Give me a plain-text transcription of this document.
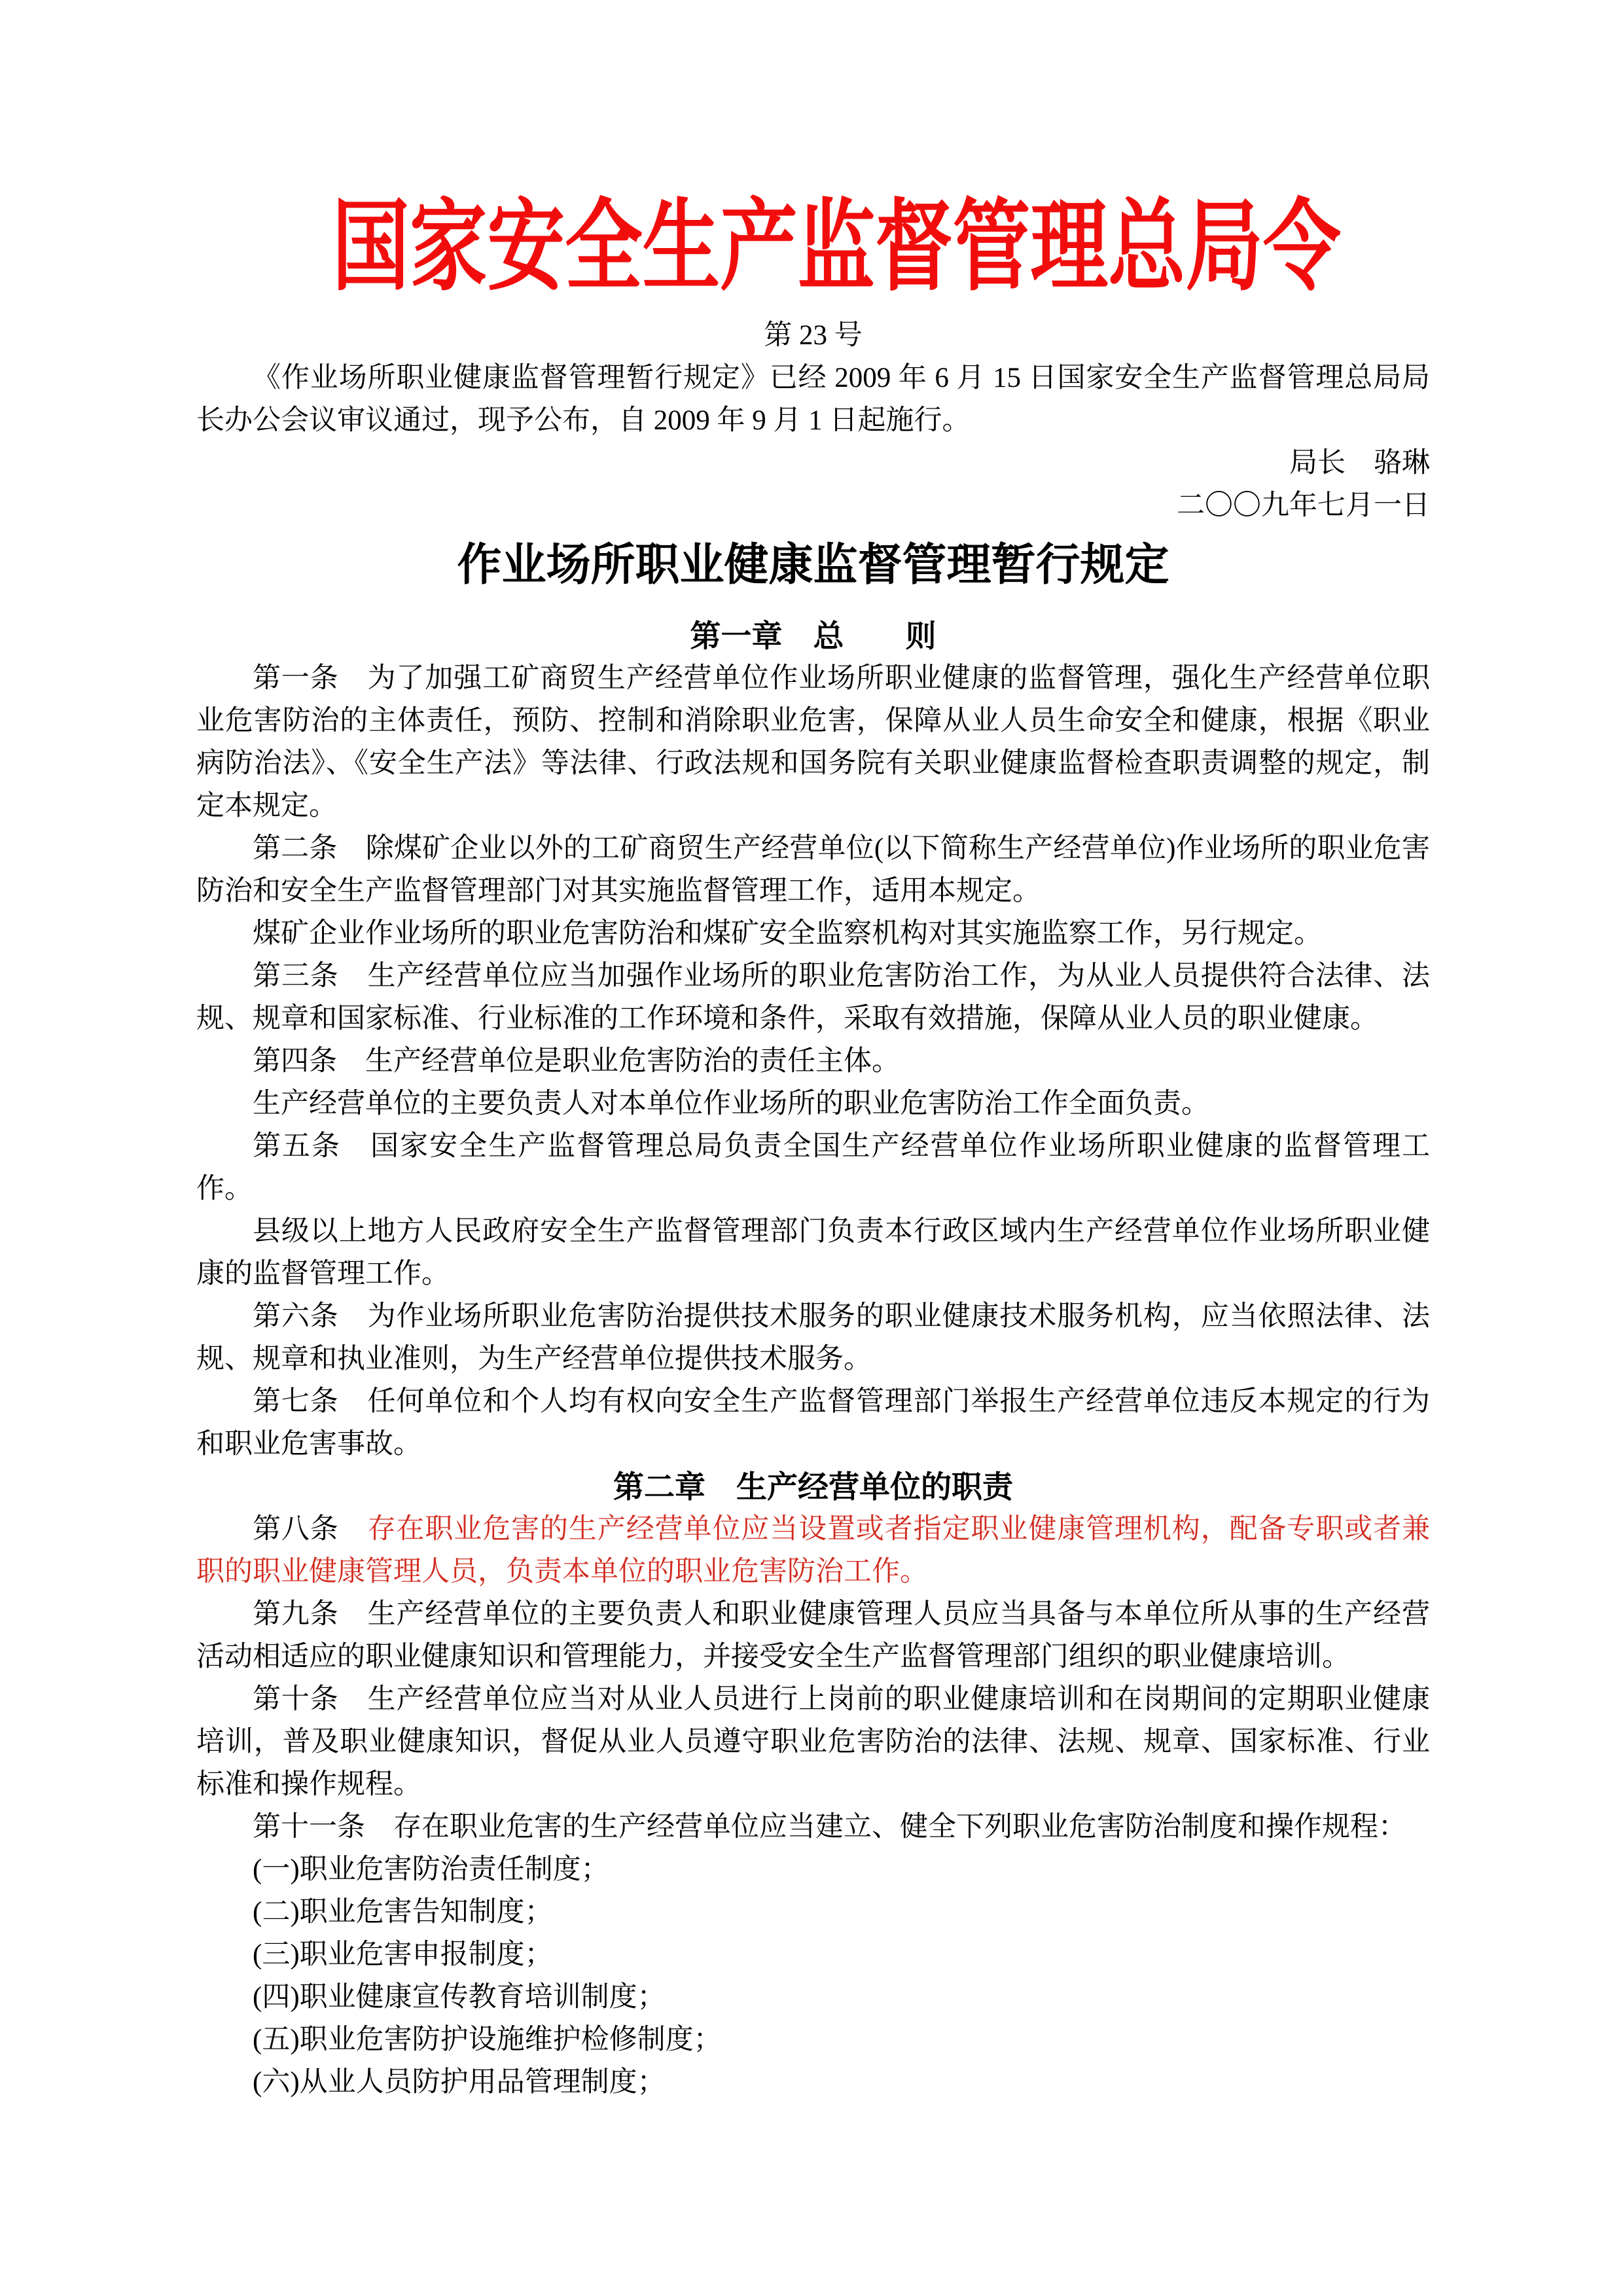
国家安全生产监督管理总局令
第 23 号

《作业场所职业健康监督管理暂行规定》已经 2009 年 6 月 15 日国家安全生产监督管理总局局长办公会议审议通过，现予公布，自 2009 年 9 月 1 日起施行。

局长　骆琳
二〇〇九年七月一日
作业场所职业健康监督管理暂行规定
第一章　总　　则

第一条　为了加强工矿商贸生产经营单位作业场所职业健康的监督管理，强化生产经营单位职业危害防治的主体责任，预防、控制和消除职业危害，保障从业人员生命安全和健康，根据《职业病防治法》、《安全生产法》等法律、行政法规和国务院有关职业健康监督检查职责调整的规定，制定本规定。

第二条　除煤矿企业以外的工矿商贸生产经营单位(以下简称生产经营单位)作业场所的职业危害防治和安全生产监督管理部门对其实施监督管理工作，适用本规定。

煤矿企业作业场所的职业危害防治和煤矿安全监察机构对其实施监察工作，另行规定。

第三条　生产经营单位应当加强作业场所的职业危害防治工作，为从业人员提供符合法律、法规、规章和国家标准、行业标准的工作环境和条件，采取有效措施，保障从业人员的职业健康。

第四条　生产经营单位是职业危害防治的责任主体。

生产经营单位的主要负责人对本单位作业场所的职业危害防治工作全面负责。

第五条　国家安全生产监督管理总局负责全国生产经营单位作业场所职业健康的监督管理工作。

县级以上地方人民政府安全生产监督管理部门负责本行政区域内生产经营单位作业场所职业健康的监督管理工作。

第六条　为作业场所职业危害防治提供技术服务的职业健康技术服务机构，应当依照法律、法规、规章和执业准则，为生产经营单位提供技术服务。

第七条　任何单位和个人均有权向安全生产监督管理部门举报生产经营单位违反本规定的行为和职业危害事故。

第二章　生产经营单位的职责

第八条　存在职业危害的生产经营单位应当设置或者指定职业健康管理机构，配备专职或者兼职的职业健康管理人员，负责本单位的职业危害防治工作。

第九条　生产经营单位的主要负责人和职业健康管理人员应当具备与本单位所从事的生产经营活动相适应的职业健康知识和管理能力，并接受安全生产监督管理部门组织的职业健康培训。

第十条　生产经营单位应当对从业人员进行上岗前的职业健康培训和在岗期间的定期职业健康培训，普及职业健康知识，督促从业人员遵守职业危害防治的法律、法规、规章、国家标准、行业标准和操作规程。

第十一条　存在职业危害的生产经营单位应当建立、健全下列职业危害防治制度和操作规程：

(一)职业危害防治责任制度；

(二)职业危害告知制度；

(三)职业危害申报制度；

(四)职业健康宣传教育培训制度；

(五)职业危害防护设施维护检修制度；

(六)从业人员防护用品管理制度；
